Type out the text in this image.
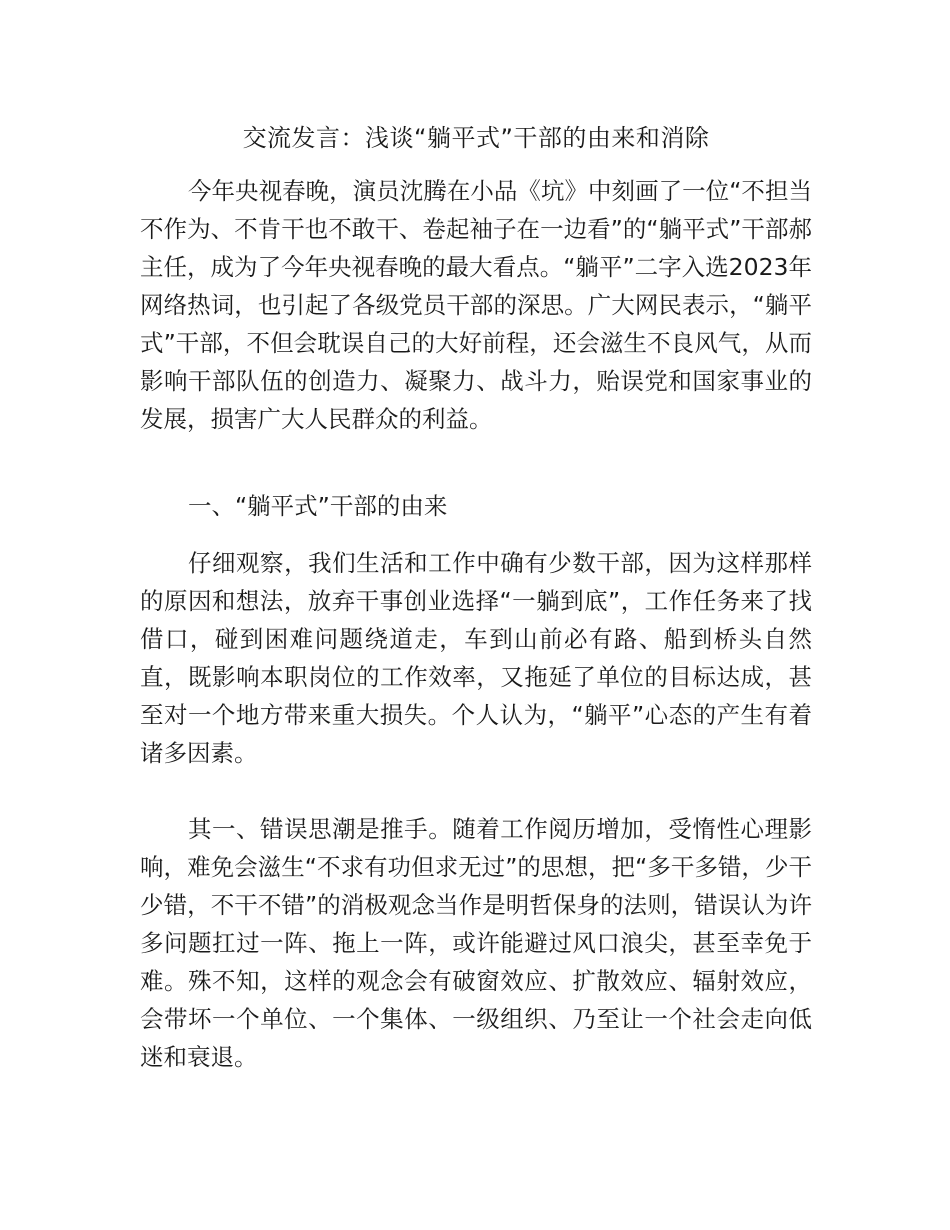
交流发言：浅谈“躺平式”干部的由来和消除

今年央视春晚，演员沈腾在小品《坑》中刻画了一位“不担当不作为、不肯干也不敢干、卷起袖子在一边看”的“躺平式”干部郝主任，成为了今年央视春晚的最大看点。“躺平”二字入选2023年网络热词，也引起了各级党员干部的深思。广大网民表示，“躺平式”干部，不但会耽误自己的大好前程，还会滋生不良风气，从而影响干部队伍的创造力、凝聚力、战斗力，贻误党和国家事业的发展，损害广大人民群众的利益。

一、“躺平式”干部的由来

仔细观察，我们生活和工作中确有少数干部，因为这样那样的原因和想法，放弃干事创业选择“一躺到底”，工作任务来了找借口，碰到困难问题绕道走，车到山前必有路、船到桥头自然直，既影响本职岗位的工作效率，又拖延了单位的目标达成，甚至对一个地方带来重大损失。个人认为，“躺平”心态的产生有着诸多因素。

其一、错误思潮是推手。随着工作阅历增加，受惰性心理影响，难免会滋生“不求有功但求无过”的思想，把“多干多错，少干少错，不干不错”的消极观念当作是明哲保身的法则，错误认为许多问题扛过一阵、拖上一阵，或许能避过风口浪尖，甚至幸免于难。殊不知，这样的观念会有破窗效应、扩散效应、辐射效应，会带坏一个单位、一个集体、一级组织、乃至让一个社会走向低迷和衰退。
